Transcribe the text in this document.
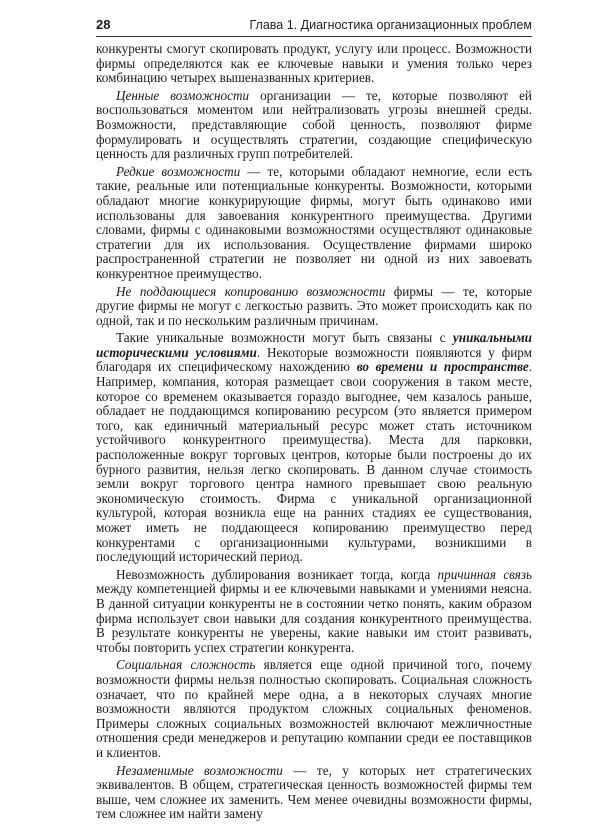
28	Глава 1. Диагностика организационных проблем

конкуренты смогут скопировать продукт, услугу или процесс. Возможности фирмы определяются как ее ключевые навыки и умения только через комбинацию четырех вышеназванных критериев.

Ценные возможности организации — те, которые позволяют ей воспользоваться моментом или нейтрализовать угрозы внешней среды. Возможности, представляющие собой ценность, позволяют фирме формулировать и осуществлять стратегии, создающие специфическую ценность для различных групп потребителей.

Редкие возможности — те, которыми обладают немногие, если есть такие, реальные или потенциальные конкуренты. Возможности, которыми обладают многие конкурирующие фирмы, могут быть одинаково ими использованы для завоевания конкурентного преимущества. Другими словами, фирмы с одинаковыми возможностями осуществляют одинаковые стратегии для их использования. Осуществление фирмами широко распространенной стратегии не позволяет ни одной из них завоевать конкурентное преимущество.

Не поддающиеся копированию возможности фирмы — те, которые другие фирмы не могут с легкостью развить. Это может происходить как по одной, так и по нескольким различным причинам.

Такие уникальные возможности могут быть связаны с уникальными историческими условиями. Некоторые возможности появляются у фирм благодаря их специфическому нахождению во времени и пространстве. Например, компания, которая размещает свои сооружения в таком месте, которое со временем оказывается гораздо выгоднее, чем казалось раньше, обладает не поддающимся копированию ресурсом (это является примером того, как единичный материальный ресурс может стать источником устойчивого конкурентного преимущества). Места для парковки, расположенные вокруг торговых центров, которые были построены до их бурного развития, нельзя легко скопировать. В данном случае стоимость земли вокруг торгового центра намного превышает свою реальную экономическую стоимость. Фирма с уникальной организационной культурой, которая возникла еще на ранних стадиях ее существования, может иметь не поддающееся копированию преимущество перед конкурентами с организационными культурами, возникшими в последующий исторический период.

Невозможность дублирования возникает тогда, когда причинная связь между компетенцией фирмы и ее ключевыми навыками и умениями неясна. В данной ситуации конкуренты не в состоянии четко понять, каким образом фирма использует свои навыки для создания конкурентного преимущества. В результате конкуренты не уверены, какие навыки им стоит развивать, чтобы повторить успех стратегии конкурента.

Социальная сложность является еще одной причиной того, почему возможности фирмы нельзя полностью скопировать. Социальная сложность означает, что по крайней мере одна, а в некоторых случаях многие возможности являются продуктом сложных социальных феноменов. Примеры сложных социальных возможностей включают межличностные отношения среди менеджеров и репутацию компании среди ее поставщиков и клиентов.

Незаменимые возможности — те, у которых нет стратегических эквивалентов. В общем, стратегическая ценность возможностей фирмы тем выше, чем сложнее их заменить. Чем менее очевидны возможности фирмы, тем сложнее им найти замену
